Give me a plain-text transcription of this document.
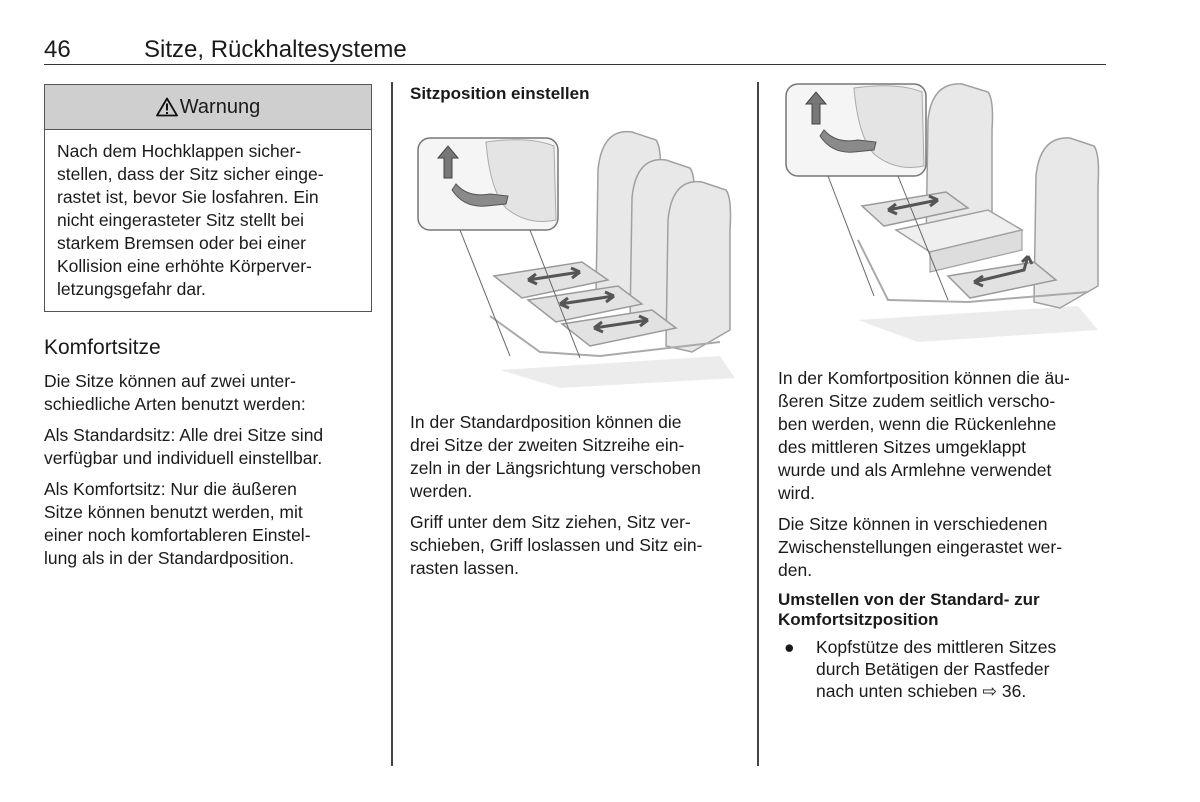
46	Sitze, Rückhaltesysteme
Warnung
Nach dem Hochklappen sicher-
stellen, dass der Sitz sicher einge-
rastet ist, bevor Sie losfahren. Ein
nicht eingerasteter Sitz stellt bei
starkem Bremsen oder bei einer
Kollision eine erhöhte Körperver-
letzungsgefahr dar.
Komfortsitze
Die Sitze können auf zwei unter-
schiedliche Arten benutzt werden:
Als Standardsitz: Alle drei Sitze sind
verfügbar und individuell einstellbar.
Als Komfortsitz: Nur die äußeren
Sitze können benutzt werden, mit
einer noch komfortableren Einstel-
lung als in der Standardposition.
Sitzposition einstellen
In der Standardposition können die
drei Sitze der zweiten Sitzreihe ein-
zeln in der Längsrichtung verschoben
werden.
Griff unter dem Sitz ziehen, Sitz ver-
schieben, Griff loslassen und Sitz ein-
rasten lassen.
In der Komfortposition können die äu-
ßeren Sitze zudem seitlich verscho-
ben werden, wenn die Rückenlehne
des mittleren Sitzes umgeklappt
wurde und als Armlehne verwendet
wird.
Die Sitze können in verschiedenen
Zwischenstellungen eingerastet wer-
den.
Umstellen von der Standard- zur
Komfortsitzposition
●	Kopfstütze des mittleren Sitzes
durch Betätigen der Rastfeder
nach unten schieben ⇨ 36.
